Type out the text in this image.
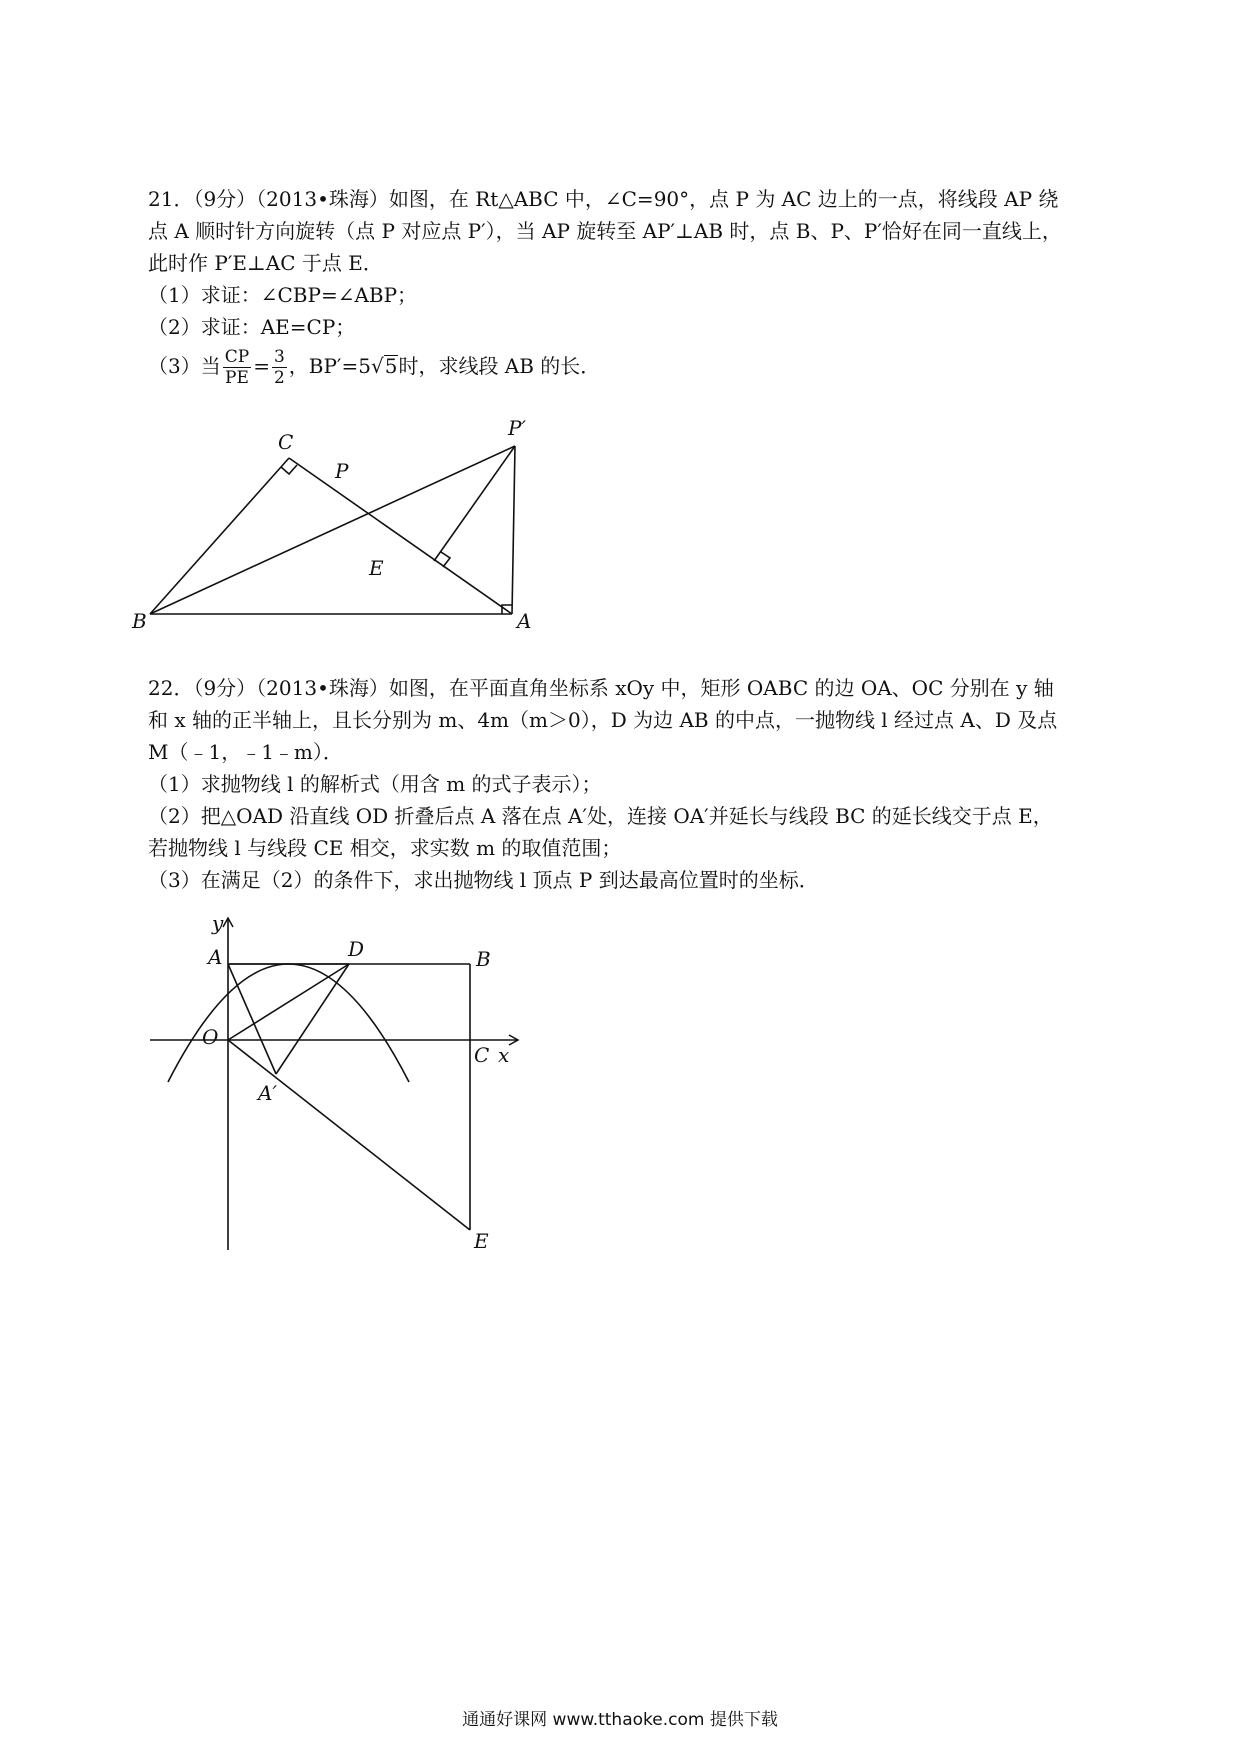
21．（9分）（2013•珠海）如图，在 Rt△ABC 中，∠C=90°，点 P 为 AC 边上的一点，将线段 AP 绕

点 A 顺时针方向旋转（点 P 对应点 P′），当 AP 旋转至 AP′⊥AB 时，点 B、P、P′恰好在同一直线上，

此时作 P′E⊥AC 于点 E．

（1）求证：∠CBP=∠ABP；

（2）求证：AE=CP；

（3）当 $\frac{CP}{PE} = \frac{3}{2}$ ，BP′=5√5时，求线段 AB 的长．

C
P′
P
E
B	A

22．（9分）（2013•珠海）如图，在平面直角坐标系 xOy 中，矩形 OABC 的边 OA、OC 分别在 y 轴

和 x 轴的正半轴上，且长分别为 m、4m（m＞0），D 为边 AB 的中点，一抛物线 l 经过点 A、D 及点

M（﹣1，﹣1﹣m）．

（1）求抛物线 l 的解析式（用含 m 的式子表示）；

（2）把△OAD 沿直线 OD 折叠后点 A 落在点 A′处，连接 OA′并延长与线段 BC 的延长线交于点 E，

若抛物线 l 与线段 CE 相交，求实数 m 的取值范围；

（3）在满足（2）的条件下，求出抛物线 l 顶点 P 到达最高位置时的坐标．

y
A	D	B
O
C x
A′
E
通通好课网 www.tthaoke.com 提供下载
